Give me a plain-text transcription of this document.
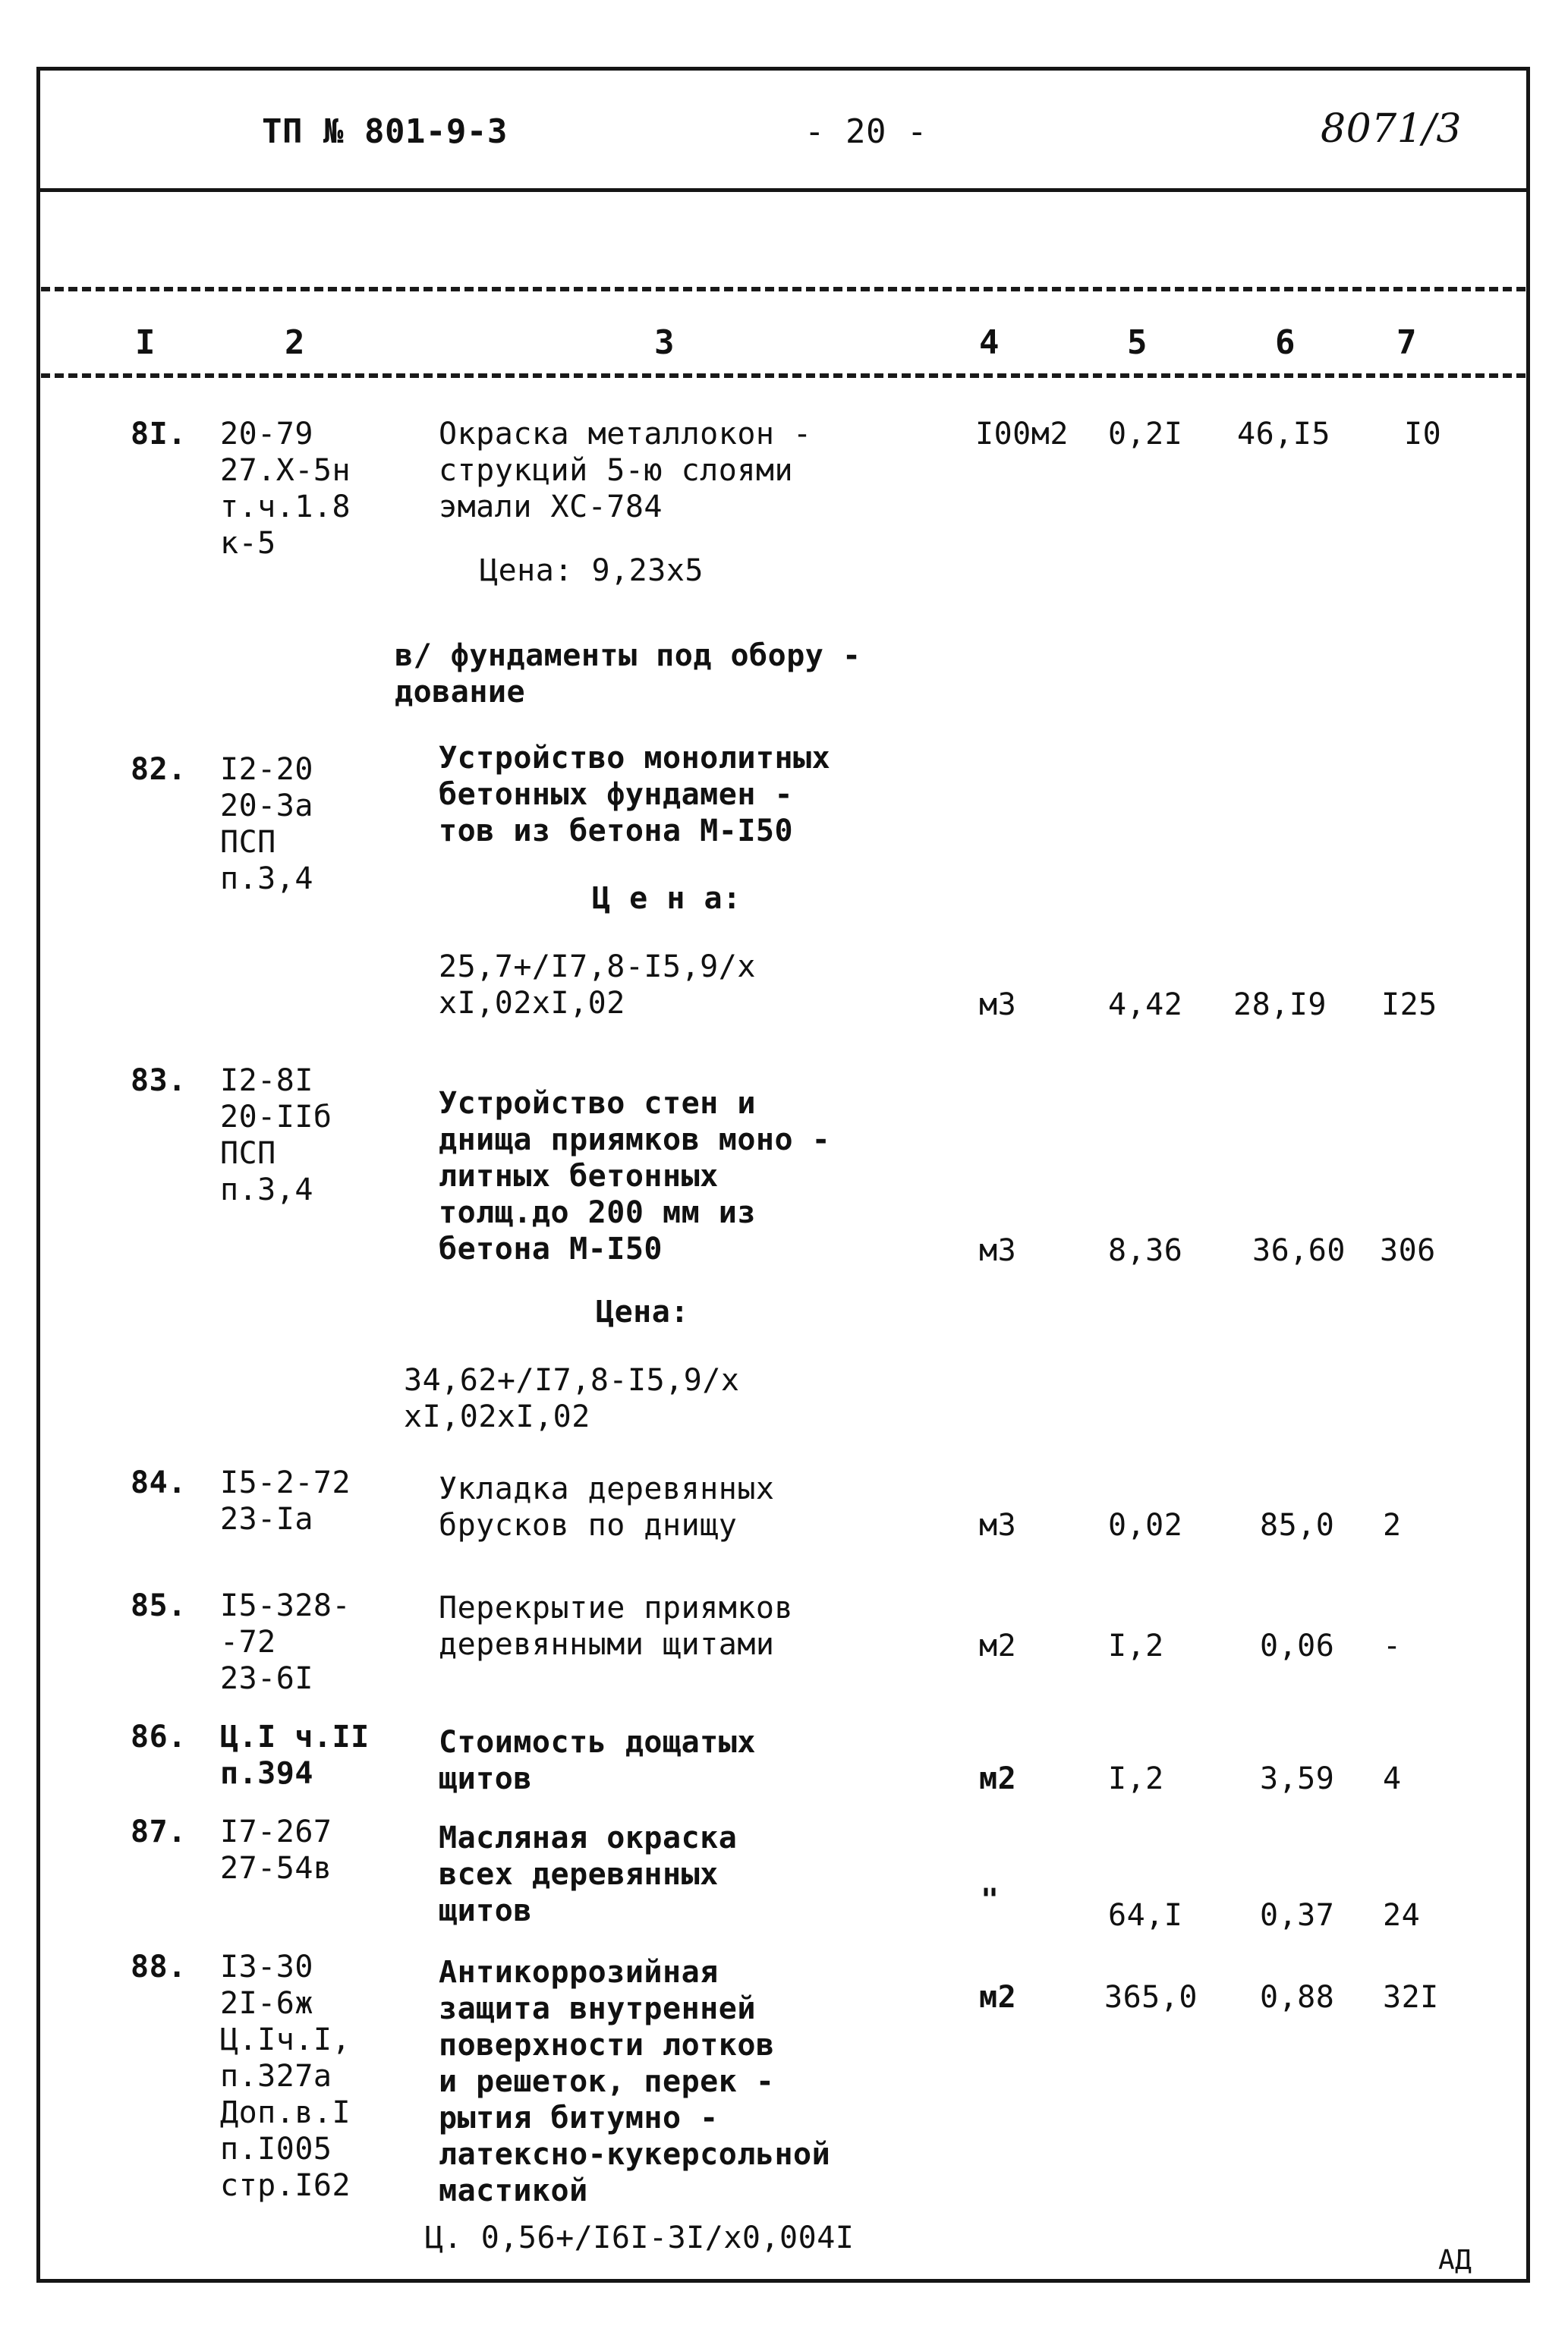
ТП № 801-9-3	- 20 -	8071/3
I	2	3	4	5	6	7
8I. 20-79
27.Х-5н
т.ч.1.8
к-5
Окраска металлокон -
струкций 5-ю слоями
эмали ХС-784
I00м2 0,2I 46,I5 I0
Цена: 9,23х5
в/ фундаменты под обору -
дование
82. I2-20
20-3а
ПСП
п.3,4
Устройство монолитных
бетонных фундамен -
тов из бетона М-I50
Ц е н а:
25,7+/I7,8-I5,9/х
хI,02хI,02	м3	4,42 28,I9 I25
83. I2-8I
20-IIб
ПСП
п.3,4
Устройство стен и
днища приямков моно -
литных бетонных
толщ.до 200 мм из
бетона М-I50	м3	8,36 36,60 306
Цена:
34,62+/I7,8-I5,9/х
хI,02хI,02
84. I5-2-72
23-Iа
Укладка деревянных
брусков по днищу	м3	0,02	85,0 2
85. I5-328-
-72
23-6I
Перекрытие приямков
деревянными щитами	м2	I,2	0,06 -
86. Ц.I ч.II
п.394
Стоимость дощатых
щитов	м2	I,2	3,59 4
87. I7-267
27-54в
Масляная окраска
всех деревянных
щитов	"	64,I	0,37 24
88. I3-30
2I-6ж
Ц.Iч.I,
п.327а
Доп.в.I
п.I005
стр.I62
Антикоррозийная
защита внутренней
поверхности лотков
и решеток, перек -
рытия битумно -
латексно-кукерсольной
мастикой
м2	365,0 0,88 32I
Ц. 0,56+/I6I-3I/х0,004I
АД
